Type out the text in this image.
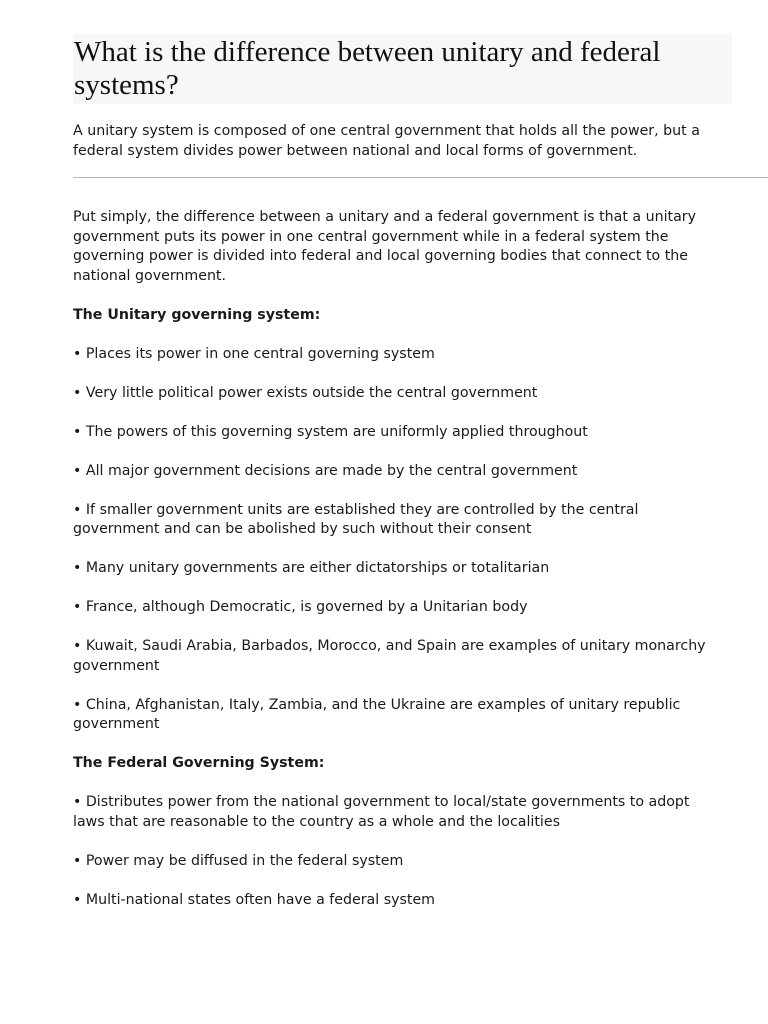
What is the difference between unitary and federal systems?

A unitary system is composed of one central government that holds all the power, but a federal system divides power between national and local forms of government.

Put simply, the difference between a unitary and a federal government is that a unitary government puts its power in one central government while in a federal system the governing power is divided into federal and local governing bodies that connect to the national government.

The Unitary governing system:

• Places its power in one central governing system

• Very little political power exists outside the central government

• The powers of this governing system are uniformly applied throughout

• All major government decisions are made by the central government

• If smaller government units are established they are controlled by the central government and can be abolished by such without their consent

• Many unitary governments are either dictatorships or totalitarian

• France, although Democratic, is governed by a Unitarian body

• Kuwait, Saudi Arabia, Barbados, Morocco, and Spain are examples of unitary monarchy government

• China, Afghanistan, Italy, Zambia, and the Ukraine are examples of unitary republic government

The Federal Governing System:

• Distributes power from the national government to local/state governments to adopt laws that are reasonable to the country as a whole and the localities

• Power may be diffused in the federal system

• Multi-national states often have a federal system
